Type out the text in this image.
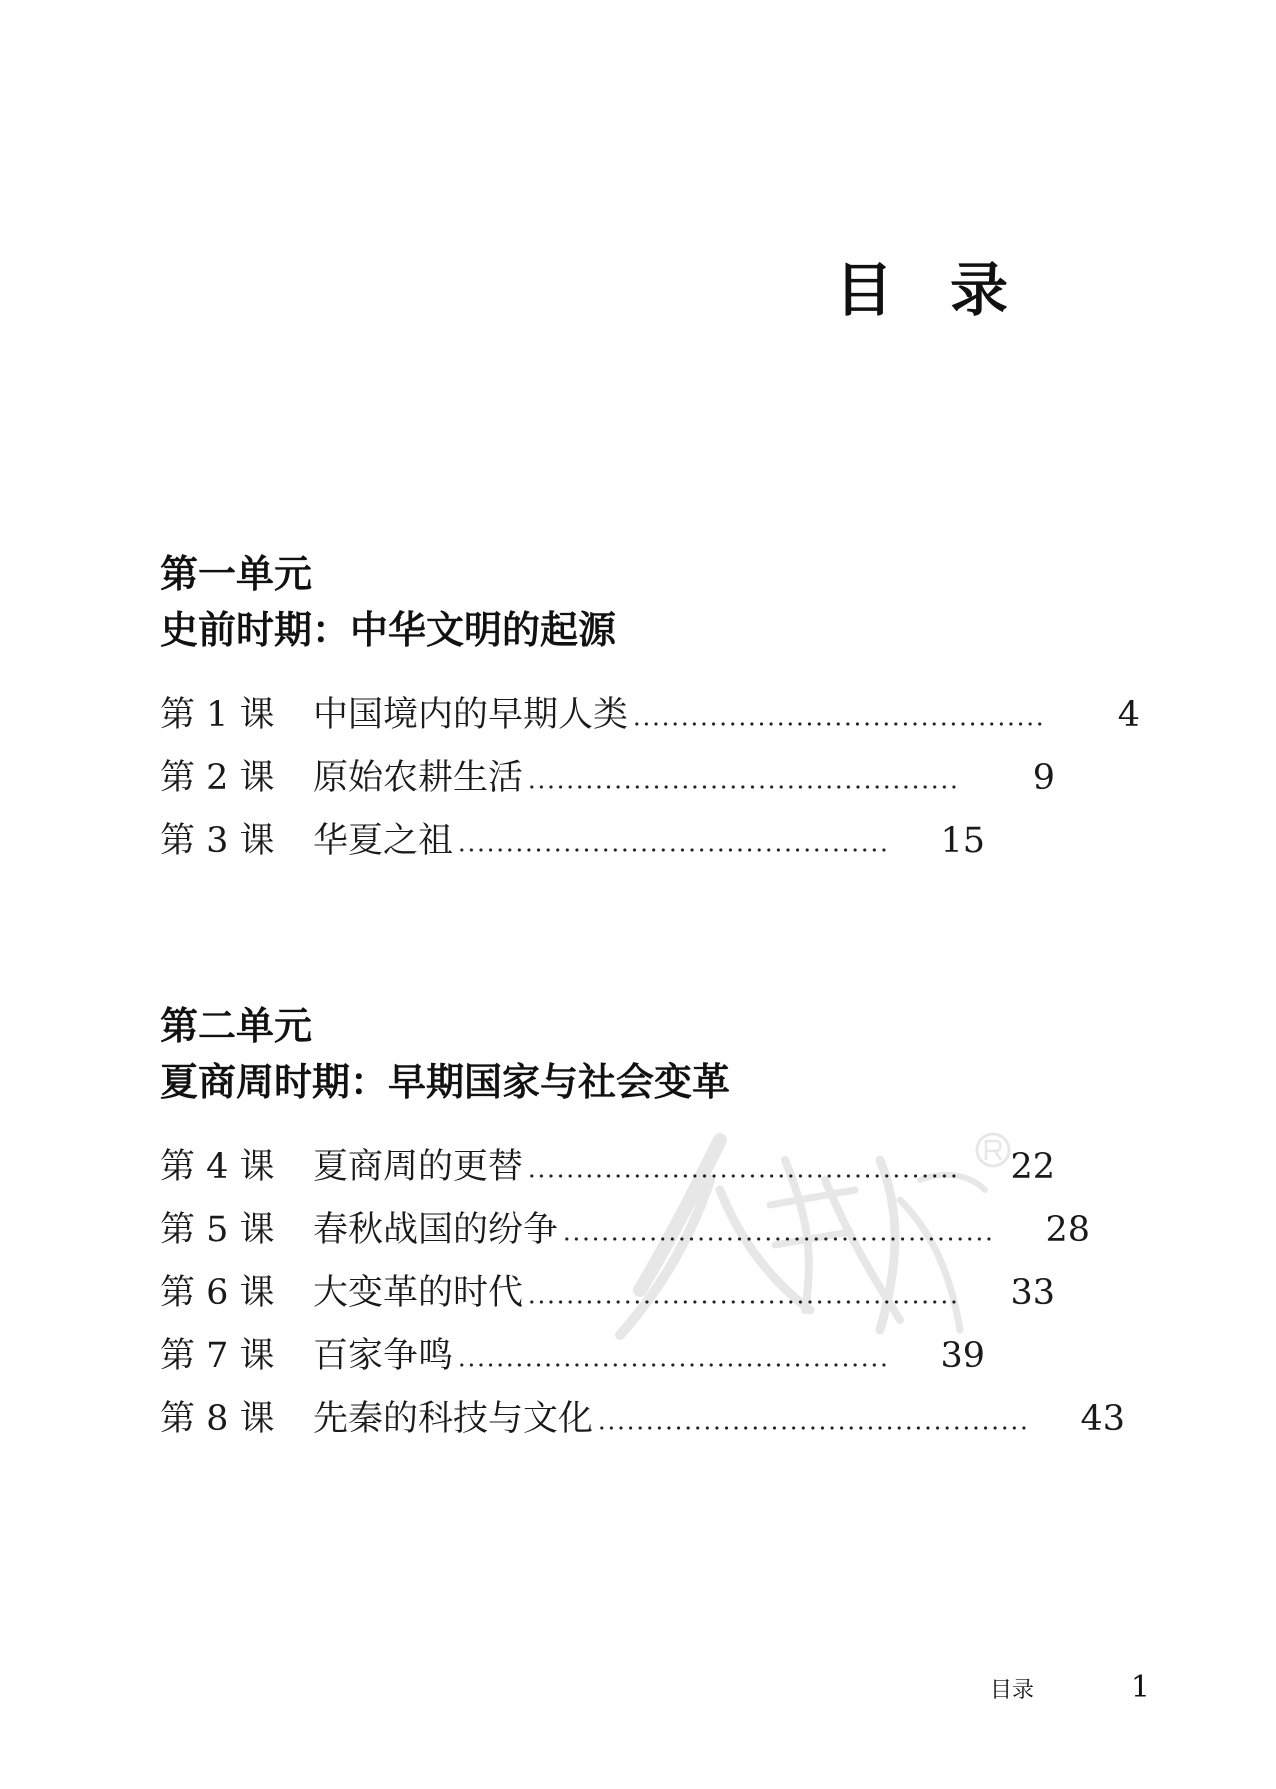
目 录
第一单元
史前时期：中华文明的起源
第 1 课	中国境内的早期人类	4
第 2 课	原始农耕生活	9
第 3 课	华夏之祖	15
第二单元
夏商周时期：早期国家与社会变革
第 4 课	夏商周的更替	22
第 5 课	春秋战国的纷争	28
第 6 课	大变革的时代	33
第 7 课	百家争鸣	39
第 8 课	先秦的科技与文化	43
目录	1
